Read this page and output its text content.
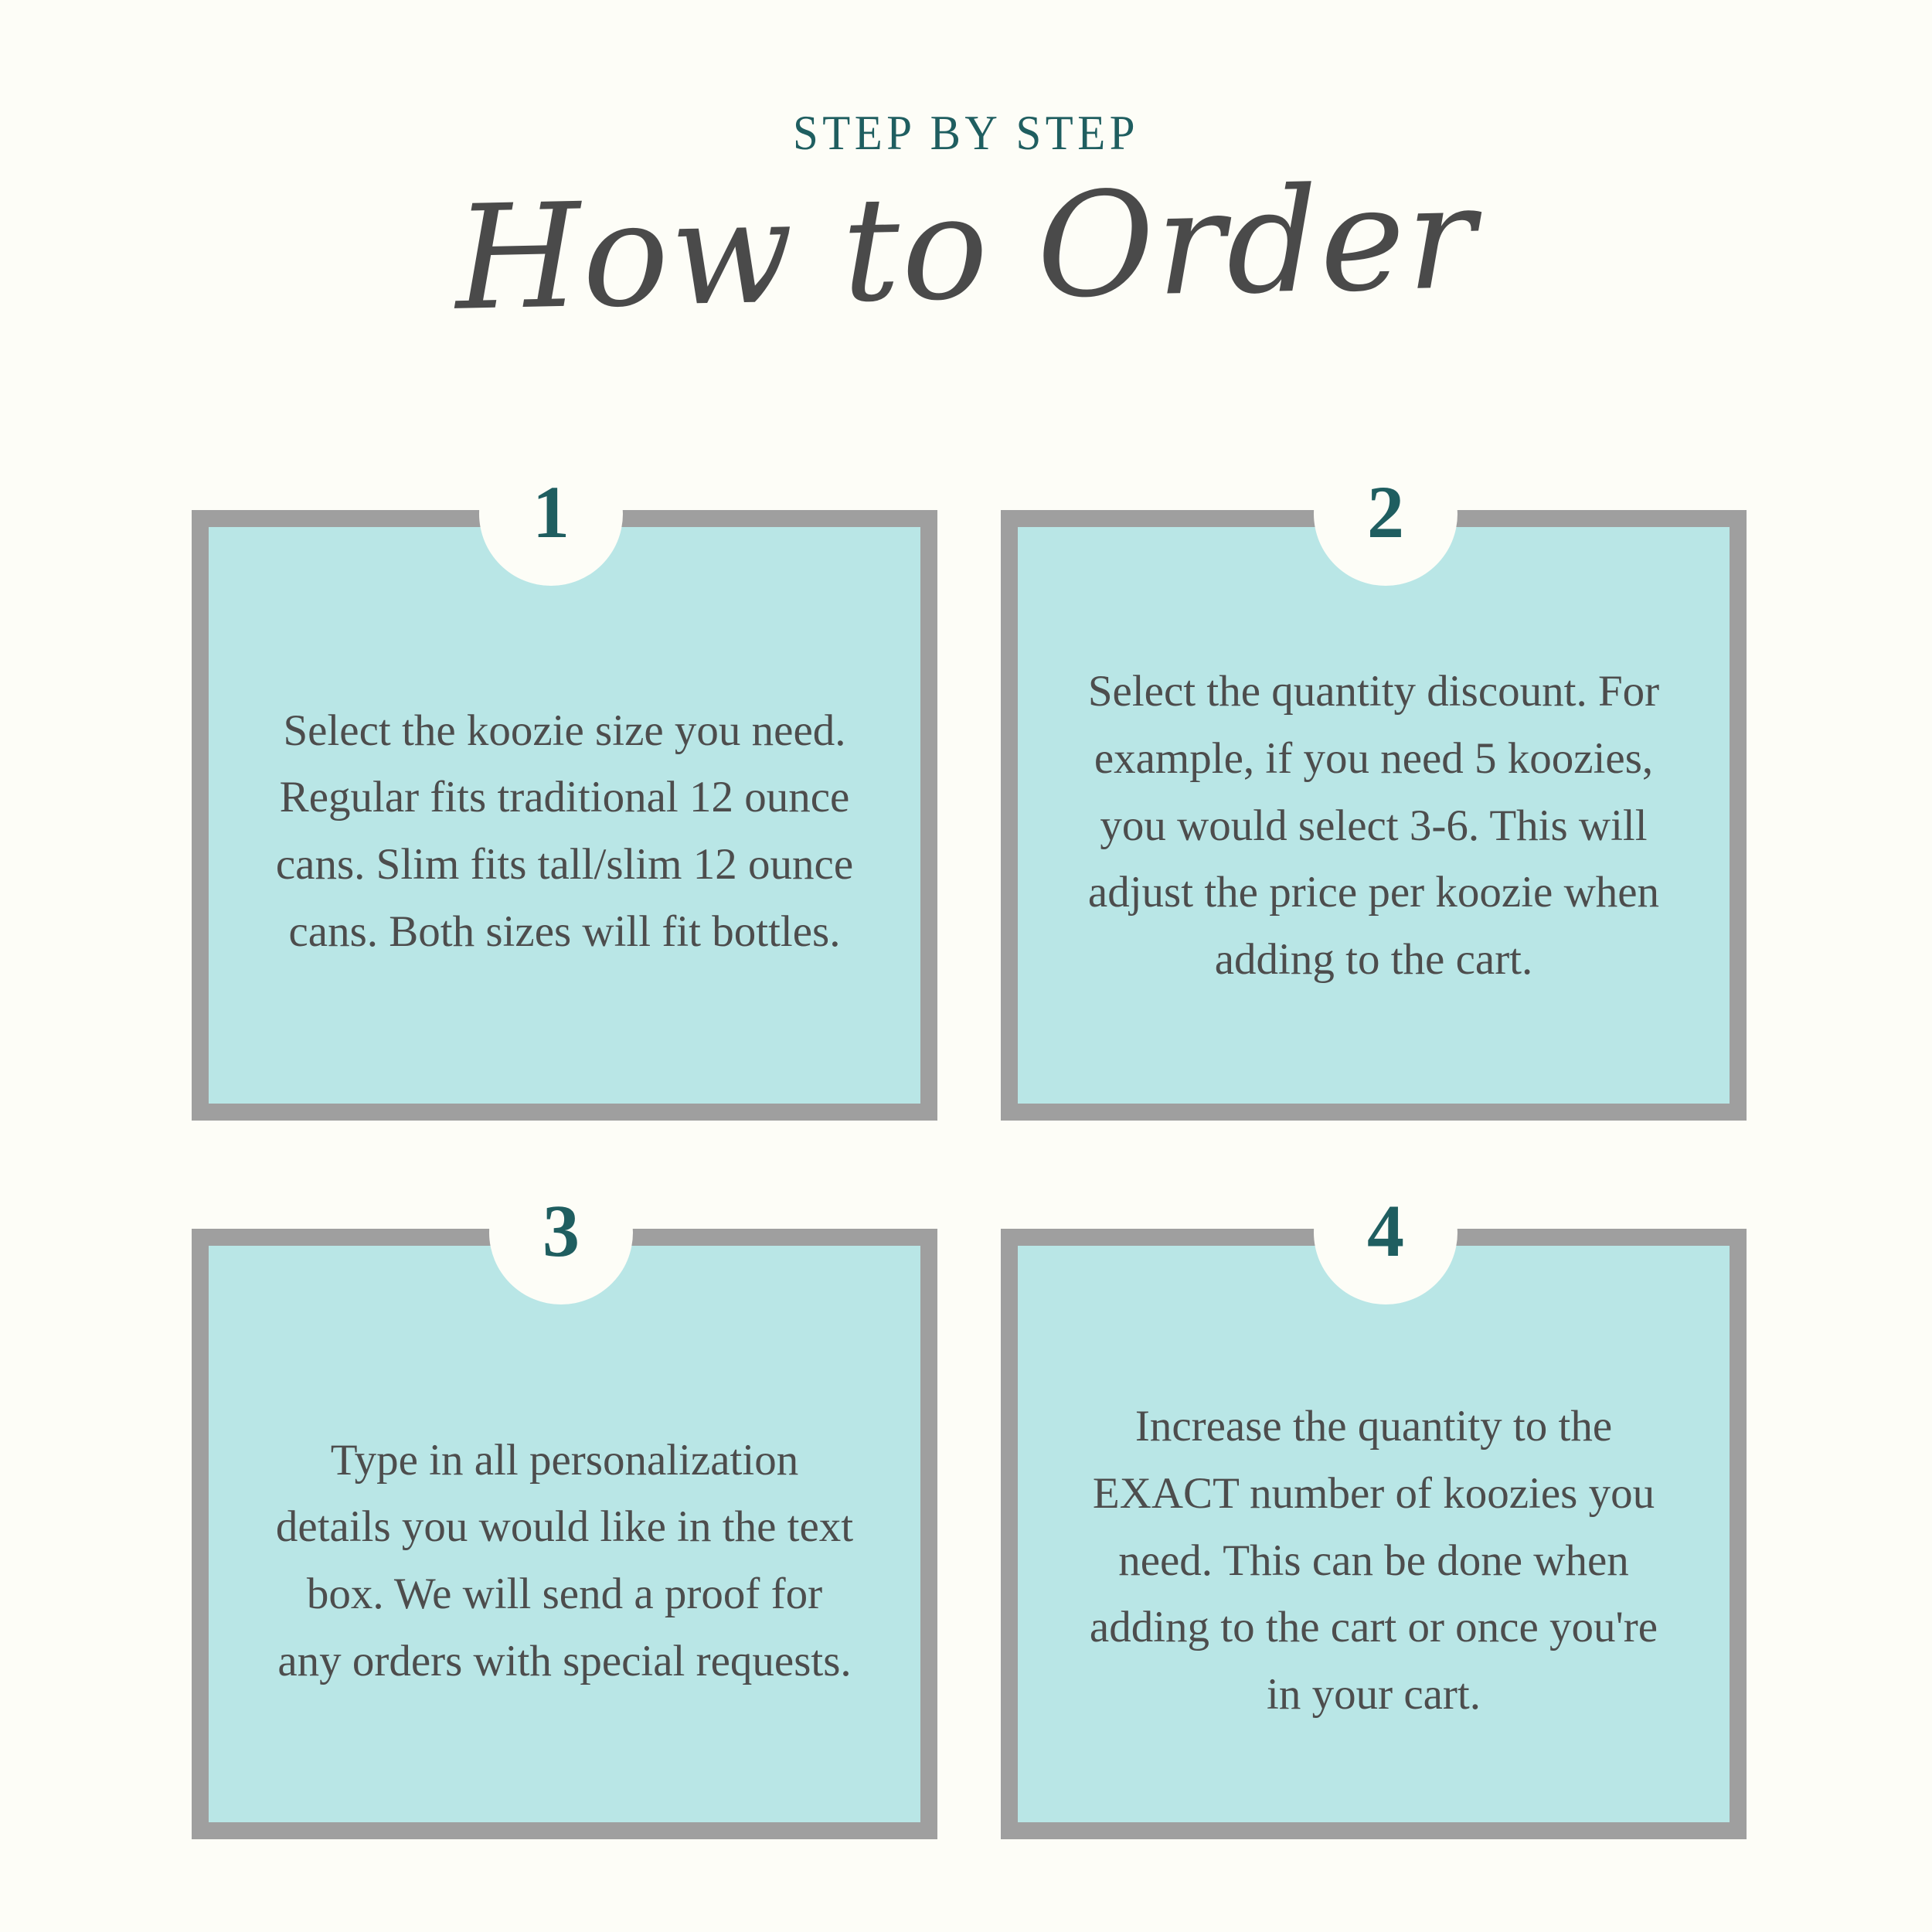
STEP BY STEP
How to Order
Select the koozie size you need. Regular fits traditional 12 ounce cans. Slim fits tall/slim 12 ounce cans. Both sizes will fit bottles.
1
Select the quantity discount. For example, if you need 5 koozies, you would select 3-6. This will adjust the price per koozie when adding to the cart.
2
Type in all personalization details you would like in the text box. We will send a proof for any orders with special requests.
3
Increase the quantity to the EXACT number of koozies you need. This can be done when adding to the cart or once you're in your cart.
4
